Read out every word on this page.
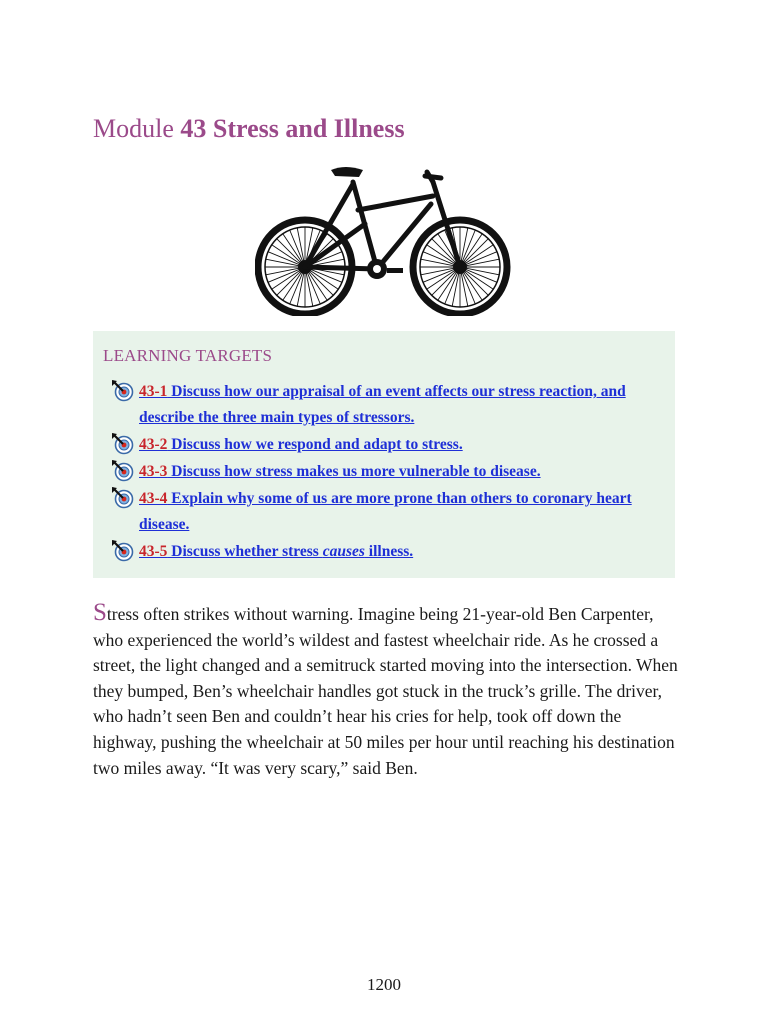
Module 43 Stress and Illness
LEARNING TARGETS
43-1 Discuss how our appraisal of an event affects our stress reaction, and describe the three main types of stressors.
43-2 Discuss how we respond and adapt to stress.
43-3 Discuss how stress makes us more vulnerable to disease.
43-4 Explain why some of us are more prone than others to coronary heart disease.
43-5 Discuss whether stress causes illness.

Stress often strikes without warning. Imagine being 21-year-old Ben Carpenter, who experienced the world’s wildest and fastest wheelchair ride. As he crossed a street, the light changed and a semitruck started moving into the intersection. When they bumped, Ben’s wheelchair handles got stuck in the truck’s grille. The driver, who hadn’t seen Ben and couldn’t hear his cries for help, took off down the highway, pushing the wheelchair at 50 miles per hour until reaching his destination two miles away. “It was very scary,” said Ben.

1200
